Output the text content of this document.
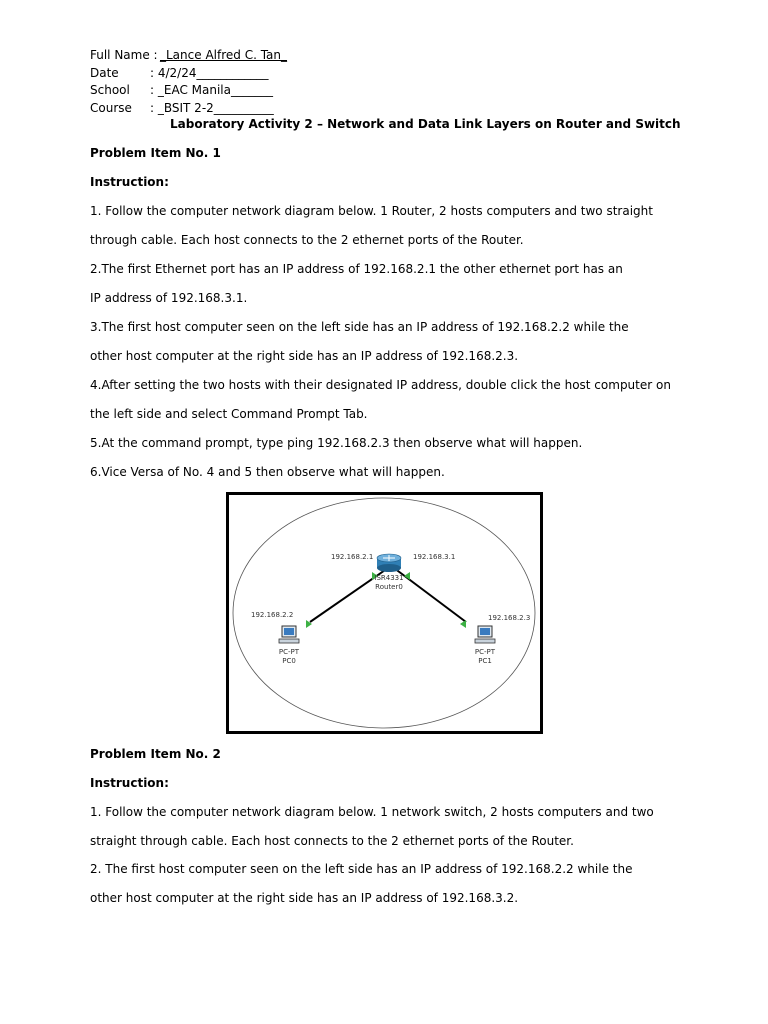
Full Name : _Lance Alfred C. Tan_
Date	: 4/2/24____________
School : _EAC Manila_______
Course : _BSIT 2-2__________
Laboratory Activity 2 – Network and Data Link Layers on Router and Switch
Problem Item No. 1
Instruction:
1. Follow the computer network diagram below. 1 Router, 2 hosts computers and two straight
through cable. Each host connects to the 2 ethernet ports of the Router.
2.The first Ethernet port has an IP address of 192.168.2.1 the other ethernet port has an
IP address of 192.168.3.1.
3.The first host computer seen on the left side has an IP address of 192.168.2.2 while the
other host computer at the right side has an IP address of 192.168.2.3.
4.After setting the two hosts with their designated IP address, double click the host computer on
the left side and select Command Prompt Tab.
5.At the command prompt, type ping 192.168.2.3 then observe what will happen.
6.Vice Versa of No. 4 and 5 then observe what will happen.
192.168.2.1	192.168.3.1
ISR4331
Router0
192.168.2.2
PC-PT
PC0
192.168.2.3
PC-PT
PC1
Problem Item No. 2
Instruction:
1. Follow the computer network diagram below. 1 network switch, 2 hosts computers and two
straight through cable. Each host connects to the 2 ethernet ports of the Router.
2. The first host computer seen on the left side has an IP address of 192.168.2.2 while the
other host computer at the right side has an IP address of 192.168.3.2.
